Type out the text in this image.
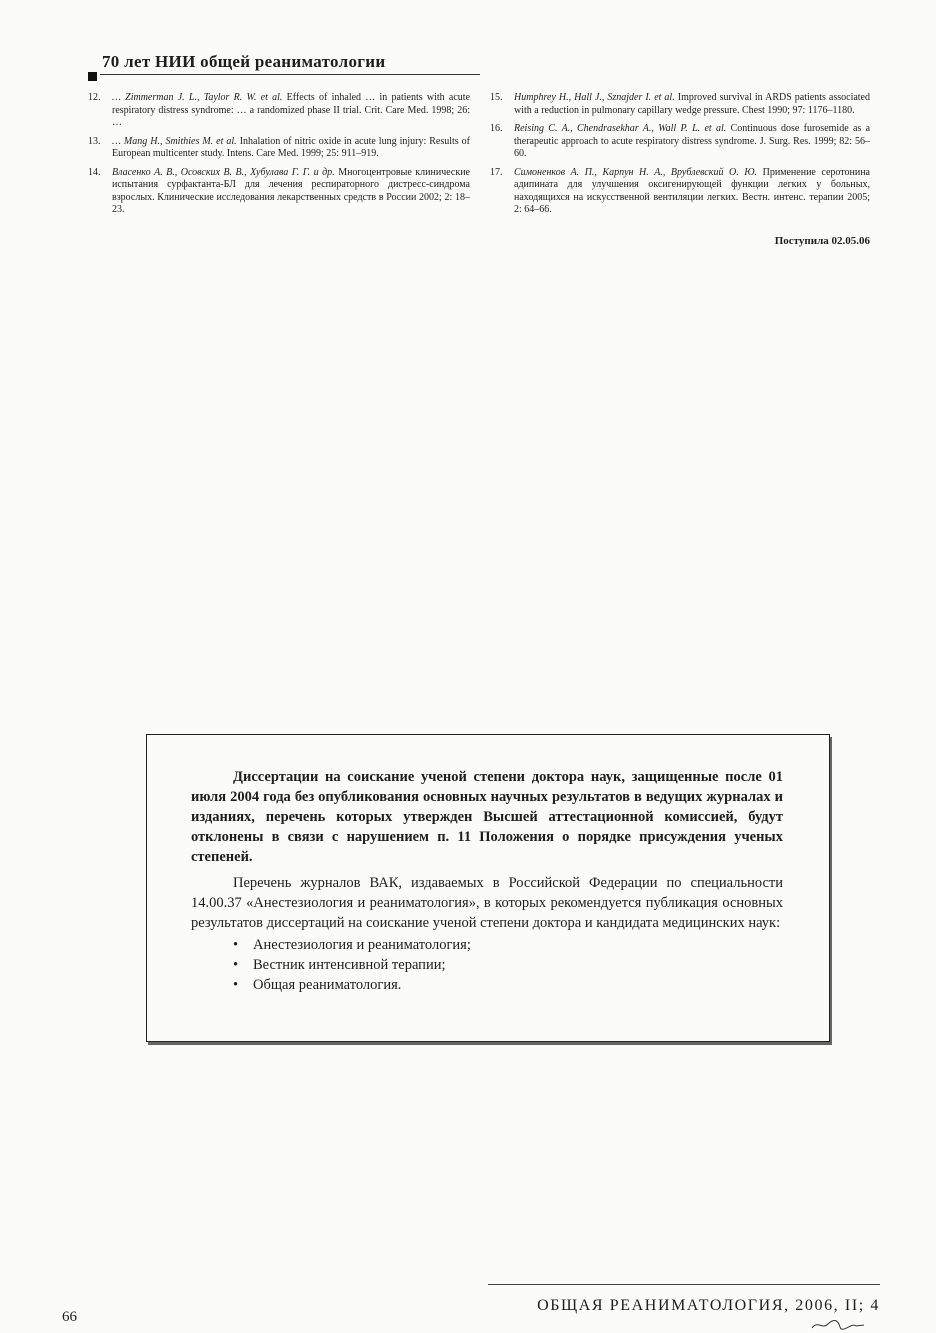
70 лет НИИ общей реаниматологии
12. … Zimmerman J. L., Taylor R. W. et al. Effects of inhaled … in patients with acute respiratory distress syndrome: … a randomized phase II trial. Crit. Care Med. 1998; 26: …
13. … Mang H., Smithies M. et al. Inhalation of nitric oxide in acute lung injury: Results of European multicenter study. Intens. Care Med. 1999; 25: 911–919.
14. Власенко А. В., Осовских В. В., Хубулава Г. Г. и др. Многоцентровые клинические испытания сурфактанта-БЛ для лечения респираторного дистресс-синдрома взрослых. Клинические исследования лекарственных средств в России 2002; 2: 18–23.
15. Humphrey H., Hall J., Sznajder I. et al. Improved survival in ARDS patients associated with a reduction in pulmonary capillary wedge pressure. Chest 1990; 97: 1176–1180.
16. Reising C. A., Chendrasekhar A., Wall P. L. et al. Continuous dose furosemide as a therapeutic approach to acute respiratory distress syndrome. J. Surg. Res. 1999; 82: 56–60.
17. Симоненков А. П., Карпун Н. А., Врублевский О. Ю. Применение серотонина адипината для улучшения оксигенирующей функции легких у больных, находящихся на искусственной вентиляции легких. Вестн. интенс. терапии 2005; 2: 64–66.
Поступила 02.05.06

Диссертации на соискание ученой степени доктора наук, защищенные после 01 июля 2004 года без опубликования основных научных результатов в ведущих журналах и изданиях, перечень которых утвержден Высшей аттестационной комиссией, будут отклонены в связи с нарушением п. 11 Положения о порядке присуждения ученых степеней.

Перечень журналов ВАК, издаваемых в Российской Федерации по специальности 14.00.37 «Анестезиология и реаниматология», в которых рекомендуется публикация основных результатов диссертаций на соискание ученой степени доктора и кандидата медицинских наук:

• Анестезиология и реаниматология;
• Вестник интенсивной терапии;
• Общая реаниматология.
66
ОБЩАЯ РЕАНИМАТОЛОГИЯ, 2006, II; 4
